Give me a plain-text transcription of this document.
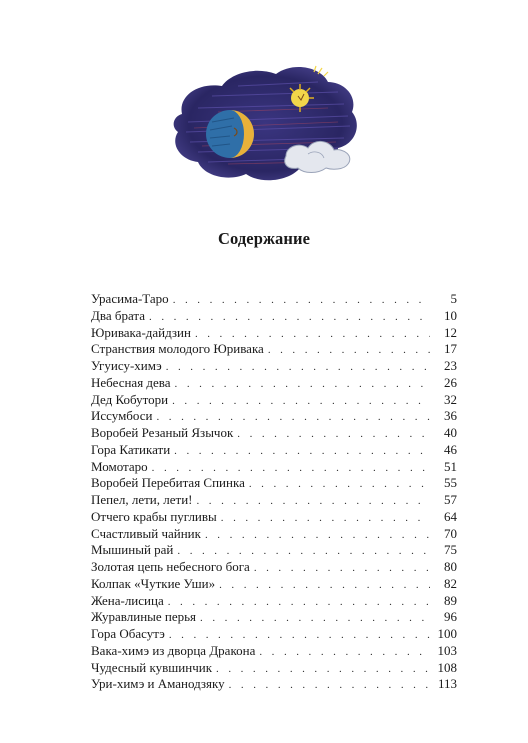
Содержание
Урасима-Таро . . .	5
Два брата . . .	10
Юривака-дайдзин . . .	12
Странствия молодого Юривака . . .	17
Угуису-химэ . . .	23
Небесная дева . . .	26
Дед Кобутори . . .	32
Иссумбоси . . .	36
Воробей Резаный Язычок . . .	40
Гора Катикати . . .	46
Момотаро . . .	51
Воробей Перебитая Спинка . . .	55
Пепел, лети, лети! . . .	57
Отчего крабы пугливы . . .	64
Счастливый чайник . . .	70
Мышиный рай . . .	75
Золотая цепь небесного бога . . .	80
Колпак «Чуткие Уши» . . .	82
Жена-лисица . . .	89
Журавлиные перья . . .	96
Гора Обасутэ . . .	100
Вака-химэ из дворца Дракона . . .	103
Чудесный кувшинчик . . .	108
Ури-химэ и Аманодзяку . . .	113
